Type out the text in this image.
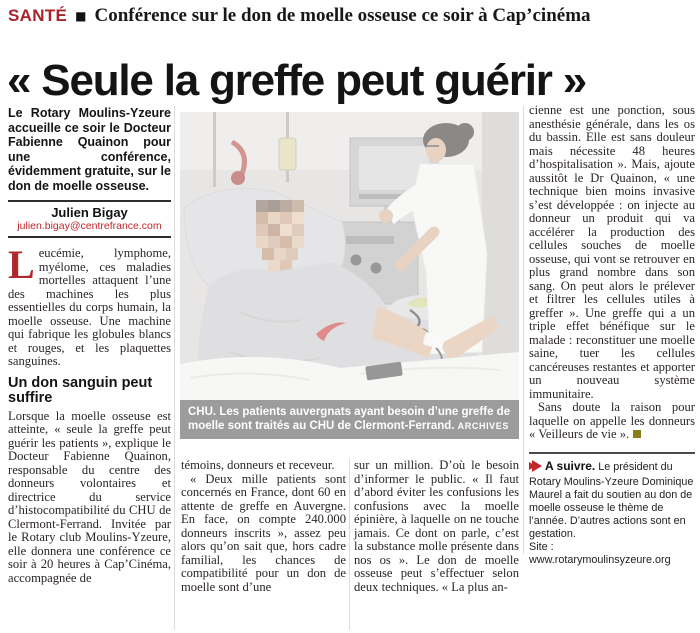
SANTÉ ■ Conférence sur le don de moelle osseuse ce soir à Cap’cinéma
« Seule la greffe peut guérir »
Le Rotary Moulins-Yzeure accueille ce soir le Docteur Fabienne Quainon pour une conférence, évidemment gratuite, sur le don de moelle osseuse.
Julien Bigay
julien.bigay@centrefrance.com

Leucémie, lymphome, myélome, ces maladies mortelles attaquent l’une des machines les plus essentielles du corps humain, la moelle osseuse. Une machine qui fabrique les globules blancs et rouges, et les plaquettes sanguines.

Un don sanguin peut suffire

Lorsque la moelle osseuse est atteinte, « seule la greffe peut guérir les patients », explique le Docteur Fabienne Quainon, responsable du centre des donneurs volontaires et directrice du service d’histocompatibilité du CHU de Clermont-Ferrand. Invitée par le Rotary club Moulins-Yzeure, elle donnera une conférence ce soir à 20 heures à Cap’Cinéma, accompagnée de

CHU. Les patients auvergnats ayant besoin d’une greffe de moelle sont traités au CHU de Clermont-Ferrand. ARCHIVES

témoins, donneurs et receveur.

« Deux mille patients sont concernés en France, dont 60 en attente de greffe en Auvergne. En face, on compte 240.000 donneurs inscrits », assez peu alors qu’on sait que, hors cadre familial, les chances de compatibilité pour un don de moelle sont d’une

sur un million. D’où le besoin d’informer le public. « Il faut d’abord éviter les confusions les confusions avec la moelle épinière, à laquelle on ne touche jamais. Ce dont on parle, c’est la substance molle présente dans nos os ». Le don de moelle osseuse peut s’effectuer selon deux techniques. « La plus an-

cienne est une ponction, sous anesthésie générale, dans les os du bassin. Elle est sans douleur mais nécessite 48 heures d’hospitalisation ». Mais, ajoute aussitôt le Dr Quainon, « une technique bien moins invasive s’est développée : on injecte au donneur un produit qui va accélérer la production des cellules souches de moelle osseuse, qui vont se retrouver en plus grand nombre dans son sang. On peut alors le prélever et filtrer les cellules utiles à greffer ». Une greffe qui a un triple effet bénéfique sur le malade : reconstituer une moelle saine, tuer les cellules cancéreuses restantes et apporter un nouveau système immunitaire.

Sans doute la raison pour laquelle on appelle les donneurs « Veilleurs de vie ».

A suivre. Le président du Rotary Moulins-Yzeure Dominique Maurel a fait du soutien au don de moelle osseuse le thème de l’année. D’autres actions sont en gestation.
Site : www.rotarymoulinsyzeure.org
